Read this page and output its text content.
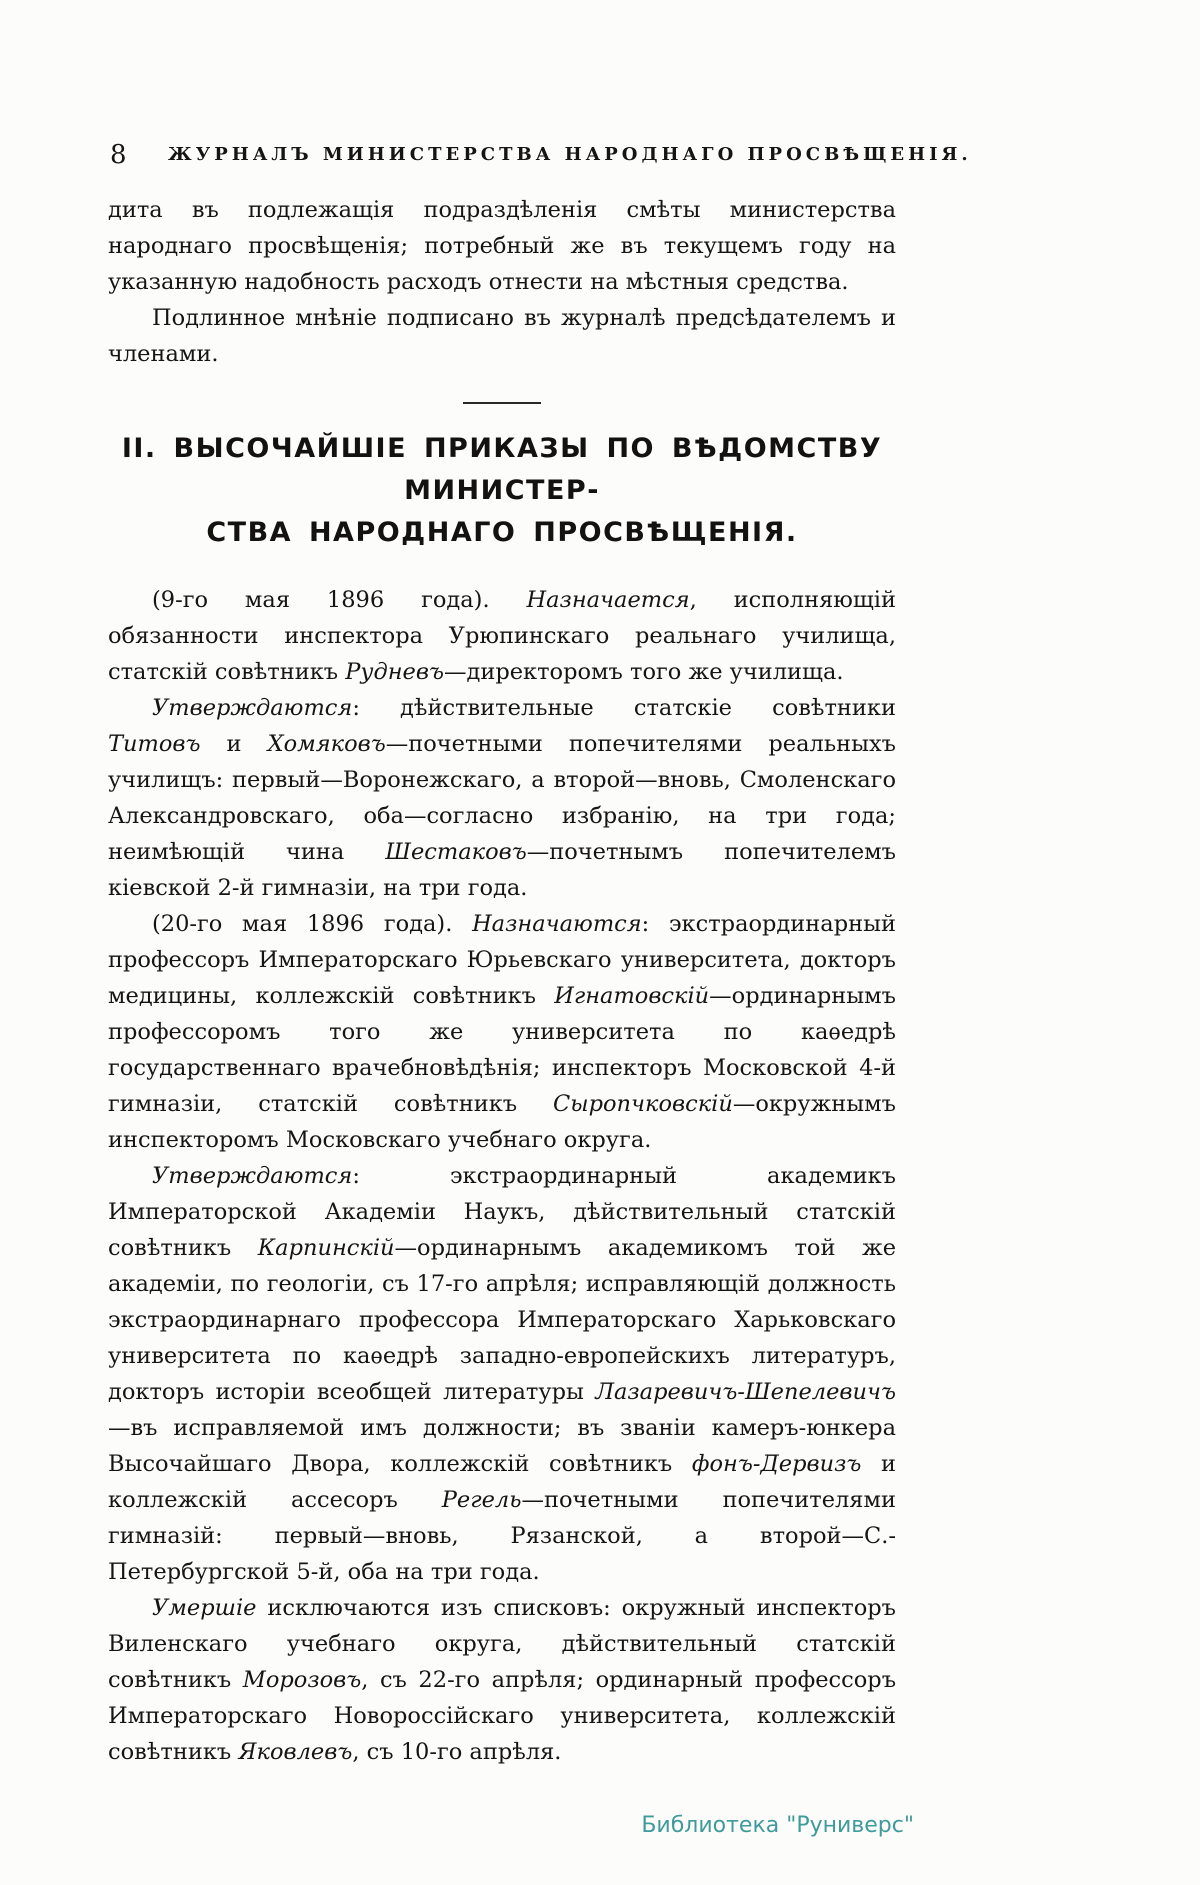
8	ЖУРНАЛЪ МИНИСТЕРСТВА НАРОДНАГО ПРОСВѢЩЕНІЯ.

дита въ подлежащія подраздѣленія смѣты министерства народнаго просвѣщенія; потребный же въ текущемъ году на указанную надобность расходъ отнести на мѣстныя средства.

Подлинное мнѣніе подписано въ журналѣ предсѣдателемъ и членами.

II. ВЫСОЧАЙШІЕ ПРИКАЗЫ ПО ВѢДОМСТВУ МИНИСТЕР-
СТВА НАРОДНАГО ПРОСВѢЩЕНІЯ.

(9-го мая 1896 года). Назначается, исполняющій обязанности инспектора Урюпинскаго реальнаго училища, статскій совѣтникъ Рудневъ—директоромъ того же училища.

Утверждаются: дѣйствительные статскіе совѣтники Титовъ и Хомяковъ—почетными попечителями реальныхъ училищъ: первый—Воронежскаго, а второй—вновь, Смоленскаго Александровскаго, оба—согласно избранію, на три года; неимѣющій чина Шестаковъ—почетнымъ попечителемъ кіевской 2-й гимназіи, на три года.

(20-го мая 1896 года). Назначаются: экстраординарный профессоръ Императорскаго Юрьевскаго университета, докторъ медицины, коллежскій совѣтникъ Игнатовскій—ординарнымъ профессоромъ того же университета по каѳедрѣ государственнаго врачебновѣдѣнія; инспекторъ Московской 4-й гимназіи, статскій совѣтникъ Сыропчковскій—окружнымъ инспекторомъ Московскаго учебнаго округа.

Утверждаются: экстраординарный академикъ Императорской Академіи Наукъ, дѣйствительный статскій совѣтникъ Карпинскій—ординарнымъ академикомъ той же академіи, по геологіи, съ 17-го апрѣля; исправляющій должность экстраординарнаго профессора Императорскаго Харьковскаго университета по каѳедрѣ западно-европейскихъ литературъ, докторъ исторіи всеобщей литературы Лазаревичъ-Шепелевичъ—въ исправляемой имъ должности; въ званіи камеръ-юнкера Высочайшаго Двора, коллежскій совѣтникъ фонъ-Дервизъ и коллежскій ассесоръ Регель—почетными попечителями гимназій: первый—вновь, Рязанской, а второй—С.-Петербургской 5-й, оба на три года.

Умершіе исключаются изъ списковъ: окружный инспекторъ Виленскаго учебнаго округа, дѣйствительный статскій совѣтникъ Морозовъ, съ 22-го апрѣля; ординарный профессоръ Императорскаго Новороссійскаго университета, коллежскій совѣтникъ Яковлевъ, съ 10-го апрѣля.

Библиотека "Руниверс"
